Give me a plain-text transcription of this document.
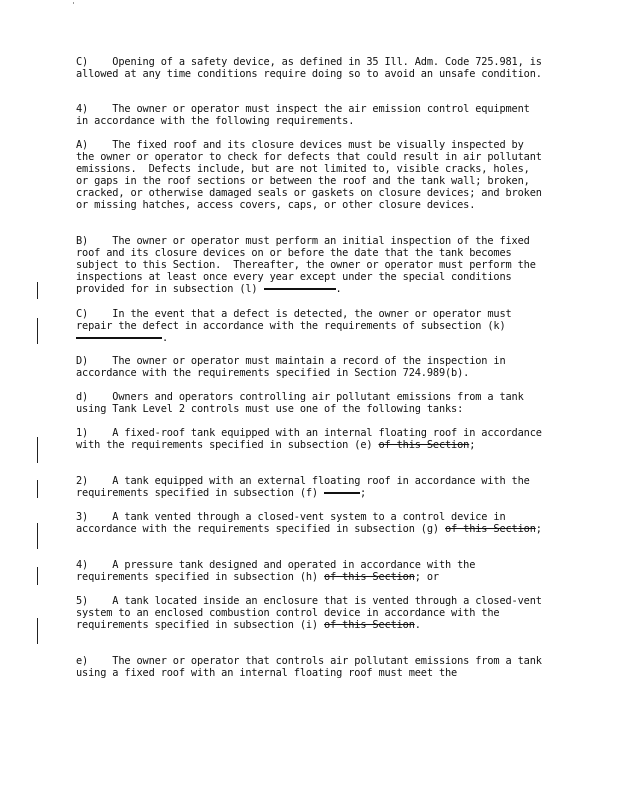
C)    Opening of a safety device, as defined in 35 Ill. Adm. Code 725.981, is allowed at any time conditions require doing so to avoid an unsafe condition.

4)    The owner or operator must inspect the air emission control equipment in accordance with the following requirements.

A)    The fixed roof and its closure devices must be visually inspected by the owner or operator to check for defects that could result in air pollutant emissions.  Defects include, but are not limited to, visible cracks, holes, or gaps in the roof sections or between the roof and the tank wall; broken, cracked, or otherwise damaged seals or gaskets on closure devices; and broken or missing hatches, access covers, caps, or other closure devices.

B)    The owner or operator must perform an initial inspection of the fixed roof and its closure devices on or before the date that the tank becomes subject to this Section.  Thereafter, the owner or operator must perform the inspections at least once every year except under the special conditions provided for in subsection (l)	.

C)    In the event that a defect is detected, the owner or operator must repair the defect in accordance with the requirements of subsection (k) .

D)    The owner or operator must maintain a record of the inspection in accordance with the requirements specified in Section 724.989(b).

d)    Owners and operators controlling air pollutant emissions from a tank using Tank Level 2 controls must use one of the following tanks:

1)    A fixed-roof tank equipped with an internal floating roof in accordance with the requirements specified in subsection (e) of this Section;

2)    A tank equipped with an external floating roof in accordance with the requirements specified in subsection (f)	;

3)    A tank vented through a closed-vent system to a control device in accordance with the requirements specified in subsection (g) of this Section;

4)    A pressure tank designed and operated in accordance with the requirements specified in subsection (h) of this Section; or

5)    A tank located inside an enclosure that is vented through a closed-vent system to an enclosed combustion control device in accordance with the requirements specified in subsection (i) of this Section.

e)    The owner or operator that controls air pollutant emissions from a tank using a fixed roof with an internal floating roof must meet the
